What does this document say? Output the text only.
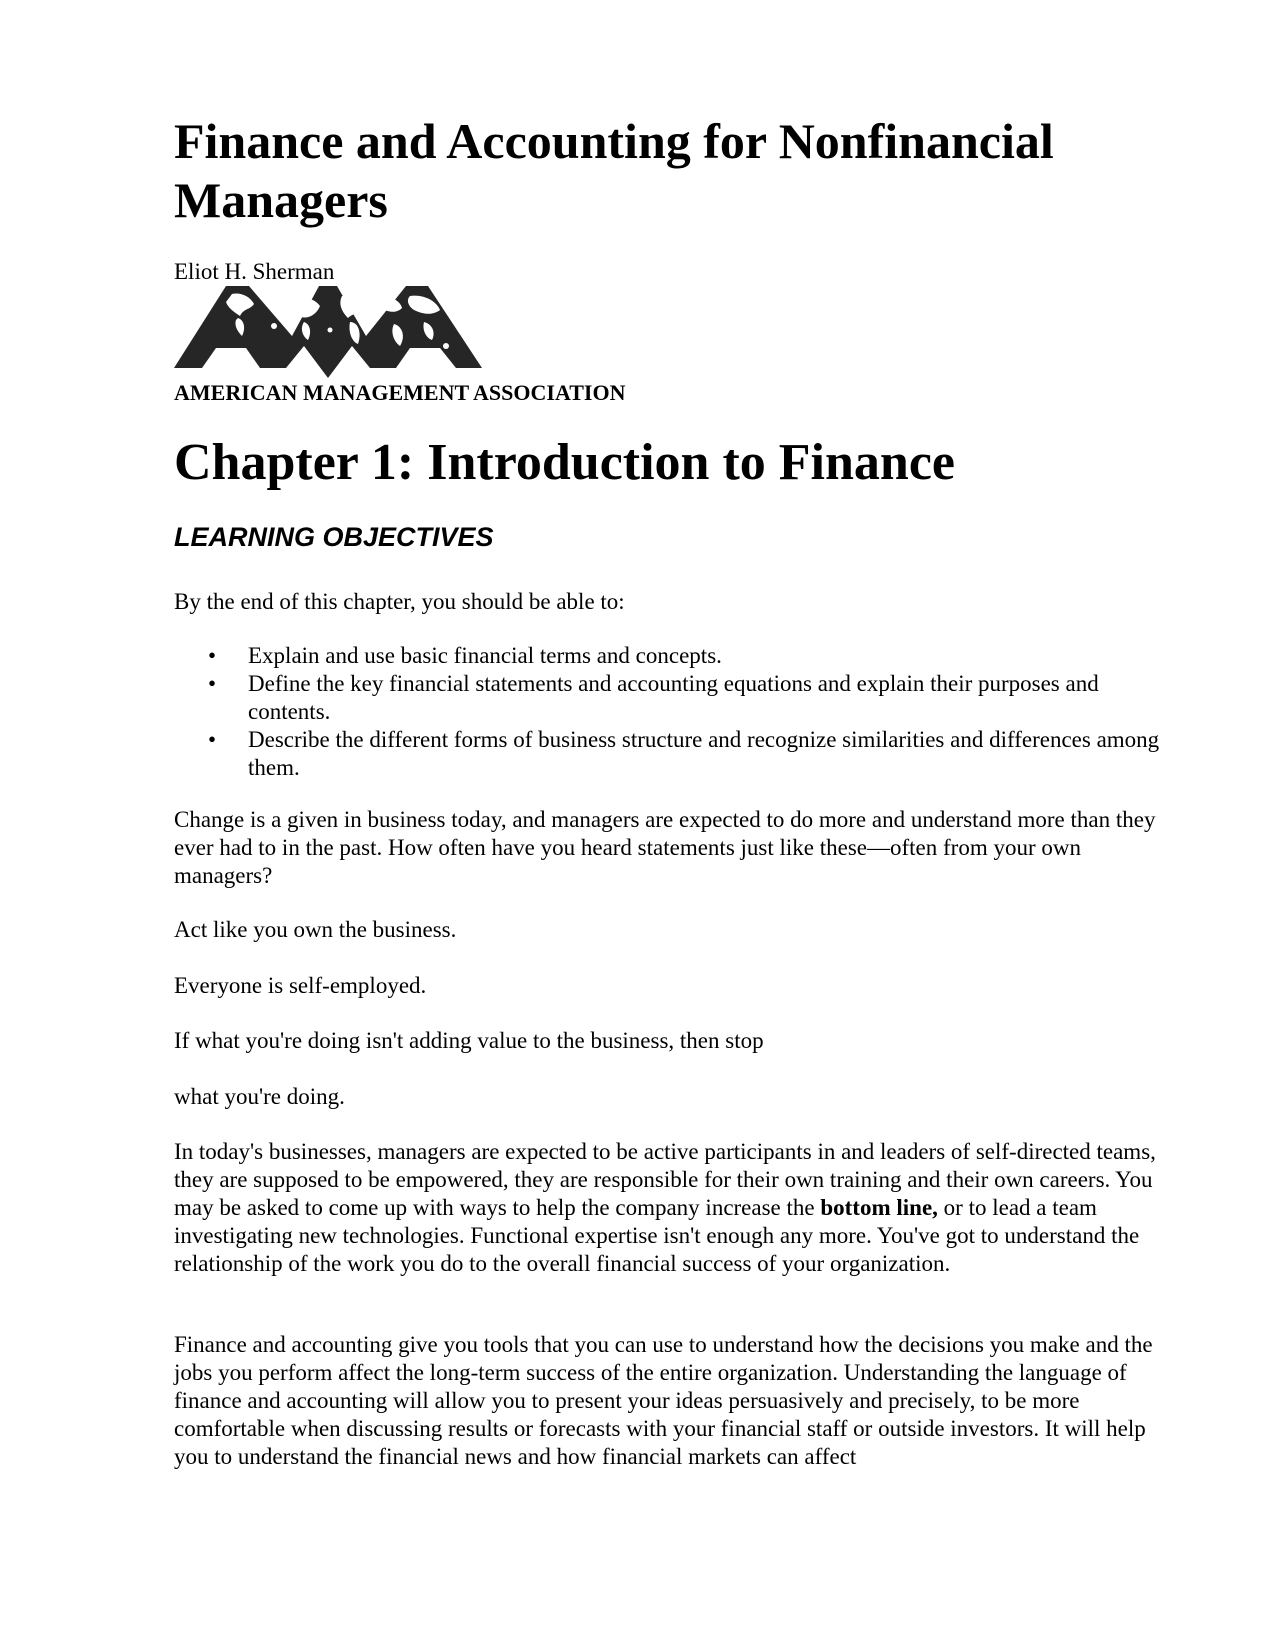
Finance and Accounting for Nonfinancial Managers

Eliot H. Sherman

AMERICAN MANAGEMENT ASSOCIATION

Chapter 1: Introduction to Finance
LEARNING OBJECTIVES

By the end of this chapter, you should be able to:

• Explain and use basic financial terms and concepts.
• Define the key financial statements and accounting equations and explain their purposes and contents.
• Describe the different forms of business structure and recognize similarities and differences among them.

Change is a given in business today, and managers are expected to do more and understand more than they ever had to in the past. How often have you heard statements just like these—often from your own managers?

Act like you own the business.

Everyone is self-employed.

If what you're doing isn't adding value to the business, then stop

what you're doing.

In today's businesses, managers are expected to be active participants in and leaders of self-directed teams, they are supposed to be empowered, they are responsible for their own training and their own careers. You may be asked to come up with ways to help the company increase the bottom line, or to lead a team investigating new technologies. Functional expertise isn't enough any more. You've got to understand the relationship of the work you do to the overall financial success of your organization.

Finance and accounting give you tools that you can use to understand how the decisions you make and the jobs you perform affect the long-term success of the entire organization. Understanding the language of finance and accounting will allow you to present your ideas persuasively and precisely, to be more comfortable when discussing results or forecasts with your financial staff or outside investors. It will help you to understand the financial news and how financial markets can affect
